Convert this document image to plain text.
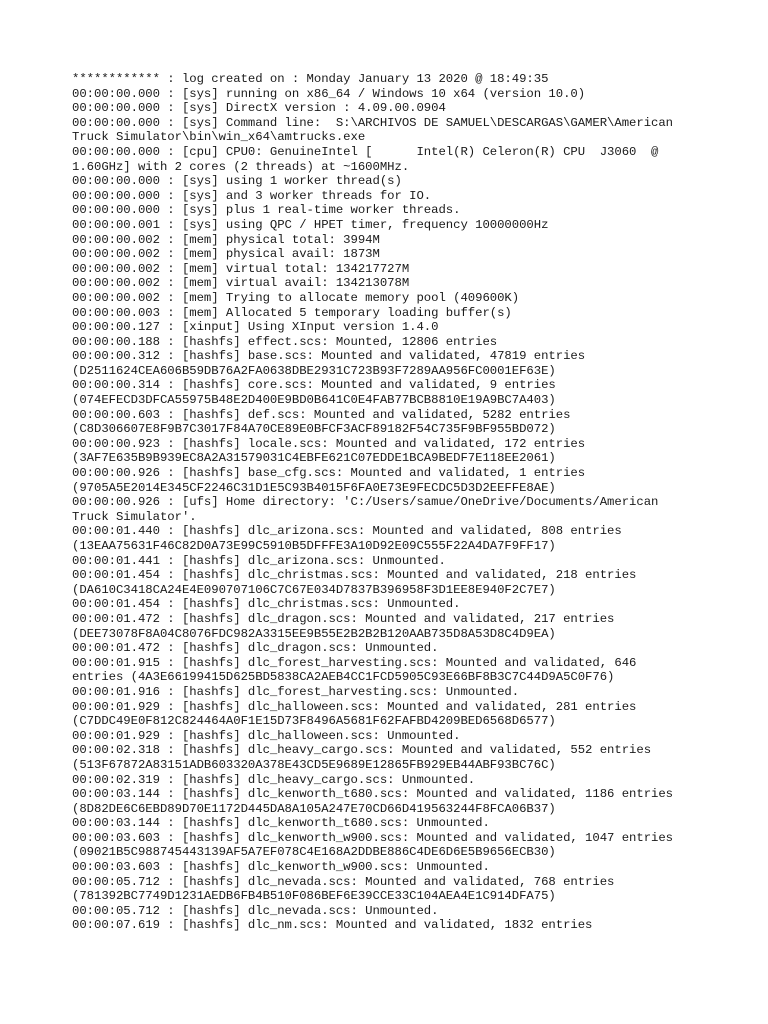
************ : log created on : Monday January 13 2020 @ 18:49:35
00:00:00.000 : [sys] running on x86_64 / Windows 10 x64 (version 10.0)
00:00:00.000 : [sys] DirectX version : 4.09.00.0904
00:00:00.000 : [sys] Command line:  S:\ARCHIVOS DE SAMUEL\DESCARGAS\GAMER\American
Truck Simulator\bin\win_x64\amtrucks.exe
00:00:00.000 : [cpu] CPU0: GenuineIntel [      Intel(R) Celeron(R) CPU  J3060  @
1.60GHz] with 2 cores (2 threads) at ~1600MHz.
00:00:00.000 : [sys] using 1 worker thread(s)
00:00:00.000 : [sys] and 3 worker threads for IO.
00:00:00.000 : [sys] plus 1 real-time worker threads.
00:00:00.001 : [sys] using QPC / HPET timer, frequency 10000000Hz
00:00:00.002 : [mem] physical total: 3994M
00:00:00.002 : [mem] physical avail: 1873M
00:00:00.002 : [mem] virtual total: 134217727M
00:00:00.002 : [mem] virtual avail: 134213078M
00:00:00.002 : [mem] Trying to allocate memory pool (409600K)
00:00:00.003 : [mem] Allocated 5 temporary loading buffer(s)
00:00:00.127 : [xinput] Using XInput version 1.4.0
00:00:00.188 : [hashfs] effect.scs: Mounted, 12806 entries
00:00:00.312 : [hashfs] base.scs: Mounted and validated, 47819 entries
(D2511624CEA606B59DB76A2FA0638DBE2931C723B93F7289AA956FC0001EF63E)
00:00:00.314 : [hashfs] core.scs: Mounted and validated, 9 entries
(074EFECD3DFCA55975B48E2D400E9BD0B641C0E4FAB77BCB8810E19A9BC7A403)
00:00:00.603 : [hashfs] def.scs: Mounted and validated, 5282 entries
(C8D306607E8F9B7C3017F84A70CE89E0BFCF3ACF89182F54C735F9BF955BD072)
00:00:00.923 : [hashfs] locale.scs: Mounted and validated, 172 entries
(3AF7E635B9B939EC8A2A31579031C4EBFE621C07EDDE1BCA9BEDF7E118EE2061)
00:00:00.926 : [hashfs] base_cfg.scs: Mounted and validated, 1 entries
(9705A5E2014E345CF2246C31D1E5C93B4015F6FA0E73E9FECDC5D3D2EEFFE8AE)
00:00:00.926 : [ufs] Home directory: 'C:/Users/samue/OneDrive/Documents/American
Truck Simulator'.
00:00:01.440 : [hashfs] dlc_arizona.scs: Mounted and validated, 808 entries
(13EAA75631F46C82D0A73E99C5910B5DFFFE3A10D92E09C555F22A4DA7F9FF17)
00:00:01.441 : [hashfs] dlc_arizona.scs: Unmounted.
00:00:01.454 : [hashfs] dlc_christmas.scs: Mounted and validated, 218 entries
(DA610C3418CA24E4E090707106C7C67E034D7837B396958F3D1EE8E940F2C7E7)
00:00:01.454 : [hashfs] dlc_christmas.scs: Unmounted.
00:00:01.472 : [hashfs] dlc_dragon.scs: Mounted and validated, 217 entries
(DEE73078F8A04C8076FDC982A3315EE9B55E2B2B2B120AAB735D8A53D8C4D9EA)
00:00:01.472 : [hashfs] dlc_dragon.scs: Unmounted.
00:00:01.915 : [hashfs] dlc_forest_harvesting.scs: Mounted and validated, 646
entries (4A3E66199415D625BD5838CA2AEB4CC1FCD5905C93E66BF8B3C7C44D9A5C0F76)
00:00:01.916 : [hashfs] dlc_forest_harvesting.scs: Unmounted.
00:00:01.929 : [hashfs] dlc_halloween.scs: Mounted and validated, 281 entries
(C7DDC49E0F812C824464A0F1E15D73F8496A5681F62FAFBD4209BED6568D6577)
00:00:01.929 : [hashfs] dlc_halloween.scs: Unmounted.
00:00:02.318 : [hashfs] dlc_heavy_cargo.scs: Mounted and validated, 552 entries
(513F67872A83151ADB603320A378E43CD5E9689E12865FB929EB44ABF93BC76C)
00:00:02.319 : [hashfs] dlc_heavy_cargo.scs: Unmounted.
00:00:03.144 : [hashfs] dlc_kenworth_t680.scs: Mounted and validated, 1186 entries
(8D82DE6C6EBD89D70E1172D445DA8A105A247E70CD66D419563244F8FCA06B37)
00:00:03.144 : [hashfs] dlc_kenworth_t680.scs: Unmounted.
00:00:03.603 : [hashfs] dlc_kenworth_w900.scs: Mounted and validated, 1047 entries
(09021B5C988745443139AF5A7EF078C4E168A2DDBE886C4DE6D6E5B9656ECB30)
00:00:03.603 : [hashfs] dlc_kenworth_w900.scs: Unmounted.
00:00:05.712 : [hashfs] dlc_nevada.scs: Mounted and validated, 768 entries
(781392BC7749D1231AEDB6FB4B510F086BEF6E39CCE33C104AEA4E1C914DFA75)
00:00:05.712 : [hashfs] dlc_nevada.scs: Unmounted.
00:00:07.619 : [hashfs] dlc_nm.scs: Mounted and validated, 1832 entries
